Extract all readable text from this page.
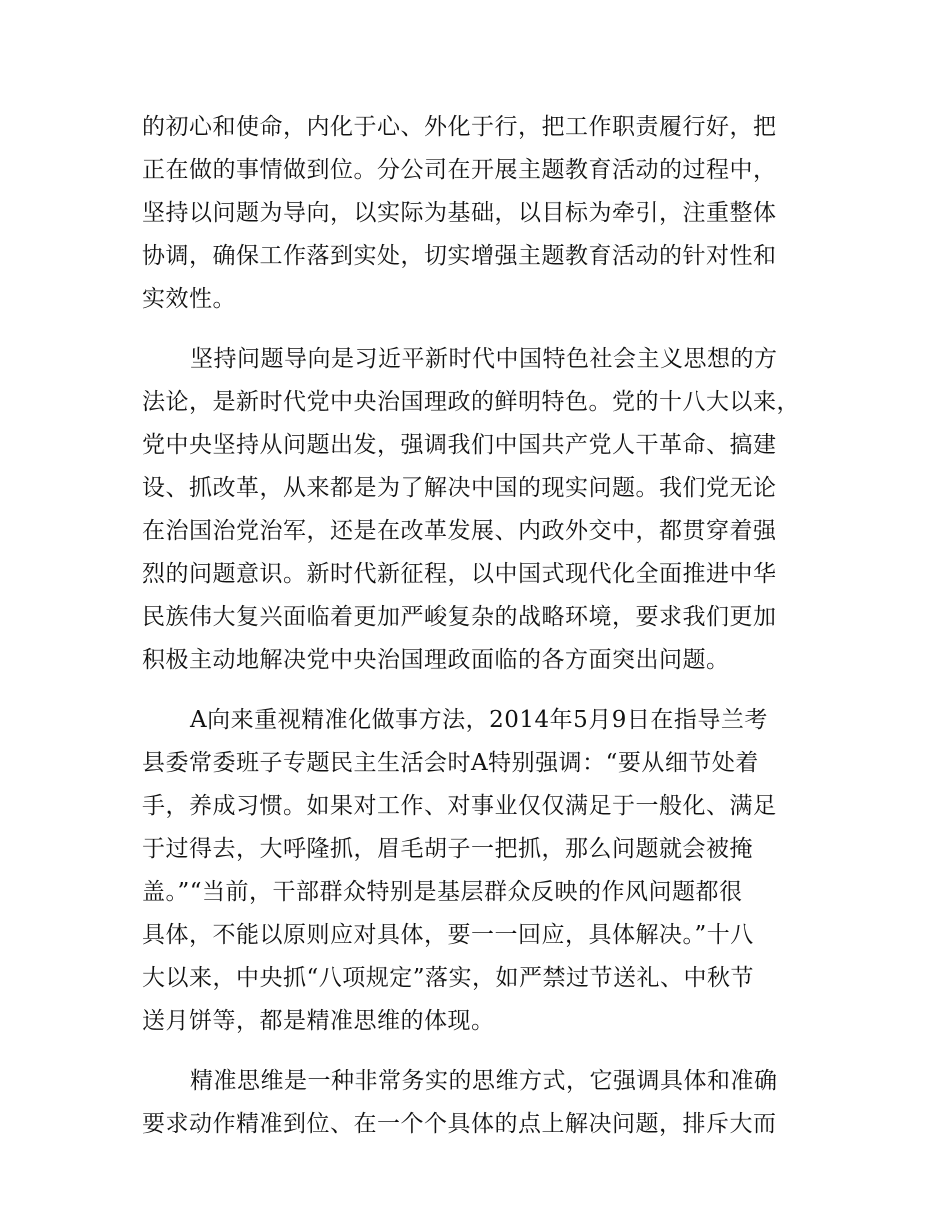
的初心和使命，内化于心、外化于行，把工作职责履行好，把
正在做的事情做到位。分公司在开展主题教育活动的过程中，
坚持以问题为导向，以实际为基础，以目标为牵引，注重整体
协调，确保工作落到实处，切实增强主题教育活动的针对性和
实效性。
坚持问题导向是习近平新时代中国特色社会主义思想的方
法论，是新时代党中央治国理政的鲜明特色。党的十八大以来，
党中央坚持从问题出发，强调我们中国共产党人干革命、搞建
设、抓改革，从来都是为了解决中国的现实问题。我们党无论
在治国治党治军，还是在改革发展、内政外交中，都贯穿着强
烈的问题意识。新时代新征程，以中国式现代化全面推进中华
民族伟大复兴面临着更加严峻复杂的战略环境，要求我们更加
积极主动地解决党中央治国理政面临的各方面突出问题。
A向来重视精准化做事方法，2014年5月9日在指导兰考
县委常委班子专题民主生活会时A特别强调：“要从细节处着
手，养成习惯。如果对工作、对事业仅仅满足于一般化、满足
于过得去，大呼隆抓，眉毛胡子一把抓，那么问题就会被掩
盖。”“当前，干部群众特别是基层群众反映的作风问题都很
具体，不能以原则应对具体，要一一回应，具体解决。”十八
大以来，中央抓“八项规定”落实，如严禁过节送礼、中秋节
送月饼等，都是精准思维的体现。
精准思维是一种非常务实的思维方式，它强调具体和准确
要求动作精准到位、在一个个具体的点上解决问题，排斥大而
